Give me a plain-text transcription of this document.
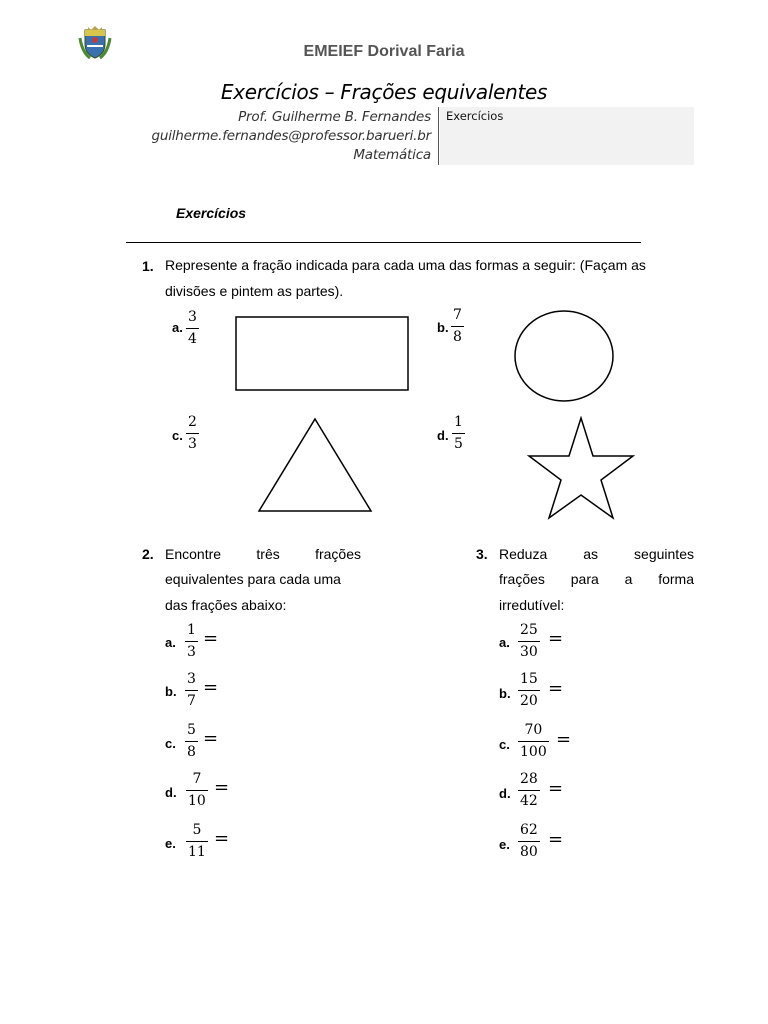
EMEIEF Dorival Faria
Exercícios – Frações equivalentes
Prof. Guilherme B. Fernandes
guilherme.fernandes@professor.barueri.br
Matemática
Exercícios
Exercícios
1. Represente a fração indicada para cada uma das formas a seguir: (Façam as
divisões e pintem as partes).
a.
3
4
b.
7
8
c.
2
3
d.
1
5
2. Encontre três frações
equivalentes para cada uma
das frações abaixo:
a.
1
3
=
b.
3
7
=
c.
5
8
=
d.
7
10
=
e.
5
11
=
3. Reduza as seguintes
frações para a forma
irredutível:
a.
25
30
=
b.
15
20
=
c.
70
100
=
d.
28
42
=
e.
62
80
=
